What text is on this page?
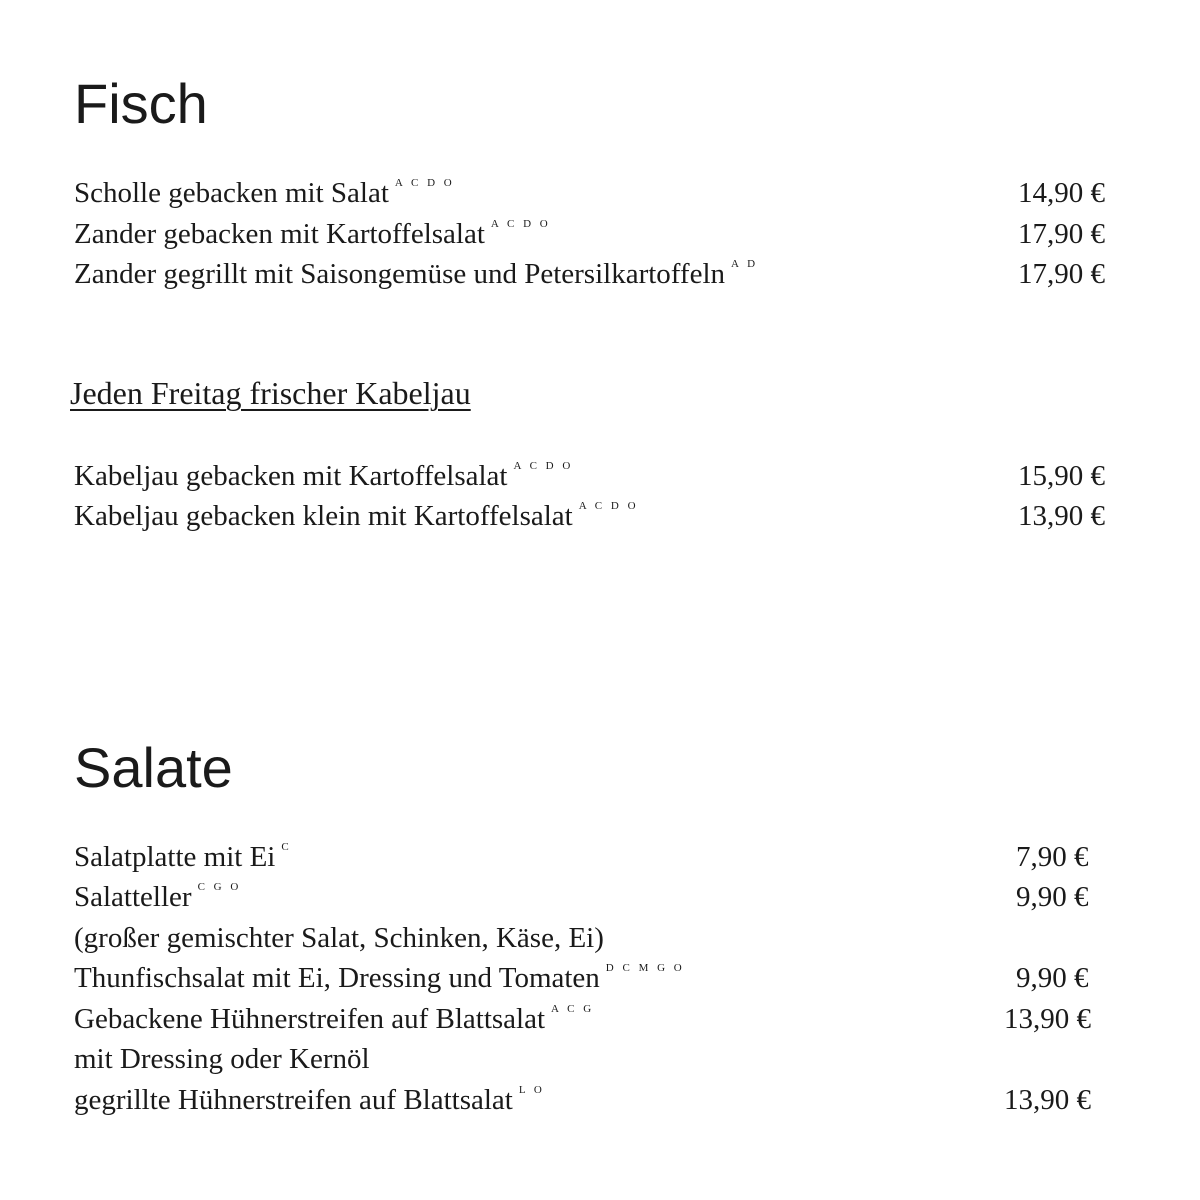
Fisch
Scholle gebacken mit Salat $^{A C D O}$	14,90 €
Zander gebacken mit Kartoffelsalat $^{A C D O}$	17,90 €
Zander gegrillt mit Saisongemüse und Petersilkartoffeln $^{A D}$	17,90 €
Jeden Freitag frischer Kabeljau
Kabeljau gebacken mit Kartoffelsalat $^{A C D O}$	15,90 €
Kabeljau gebacken klein mit Kartoffelsalat $^{A C D O}$	13,90 €
Salate
Salatplatte mit Ei $^C$	7,90 €
Salatteller $^{C G O}$	9,90 €
(großer gemischter Salat, Schinken, Käse, Ei)
Thunfischsalat mit Ei, Dressing und Tomaten $^{D C M G O}$	9,90 €
Gebackene Hühnerstreifen auf Blattsalat $^{A C G}$	13,90 €
mit Dressing oder Kernöl
gegrillte Hühnerstreifen auf Blattsalat $^{L O}$	13,90 €
